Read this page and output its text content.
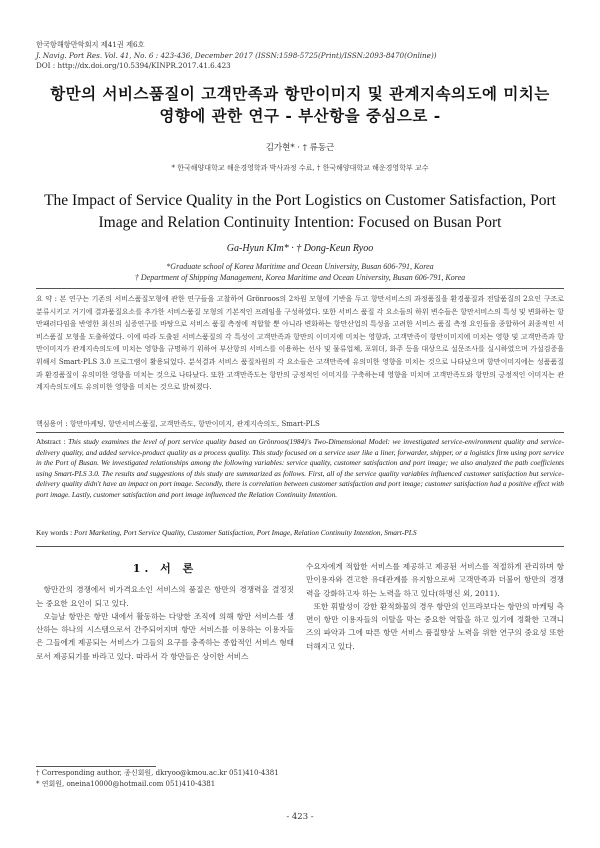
한국항해항만학회지 제41권 제6호
J. Navig. Port Res. Vol. 41, No. 6 : 423-436, December 2017 (ISSN:1598-5725(Print)/ISSN:2093-8470(Online))
DOI : http://dx.doi.org/10.5394/KINPR.2017.41.6.423
항만의 서비스품질이 고객만족과 항만이미지 및 관계지속의도에 미치는
영향에 관한 연구 - 부산항을 중심으로 -
김가현* · † 류동근
* 한국해양대학교 해운경영학과 박사과정 수료, † 한국해양대학교 해운경영학부 교수
The Impact of Service Quality in the Port Logistics on Customer Satisfaction, Port
Image and Relation Continuity Intention: Focused on Busan Port
Ga-Hyun KIm* · † Dong-Keun Ryoo
*Graduate school of Korea Maritime and Ocean University, Busan 606-791, Korea
† Department of Shipping Management, Korea Maritime and Ocean University, Busan 606-791, Korea
요 약 : 본 연구는 기존의 서비스품질모형에 관한 연구들을 고찰하여 Grönroos의 2차원 모형에 기반을 두고 항만서비스의 과정품질을 환경품질과 전달품질의 2요인 구조로 분류시키고 거기에 결과품질요소를 추가한 서비스품질 모형의 기본적인 프레임을 구성하였다. 또한 서비스 품질 각 요소들의 하위 변수들은 항만서비스의 특성 및 변화하는 항만패러다임을 반영한 최신의 실증연구를 바탕으로 서비스 품질 측정에 적합할 뿐 아니라 변화하는 항만산업의 특성을 고려한 서비스 품질 측정 요인들을 종합하여 최종적인 서비스품질 모형을 도출하였다. 이에 따라 도출된 서비스품질의 각 특성이 고객만족과 항만의 이미지에 미치는 영향과, 고객만족이 항만이미지에 미치는 영향 및 고객만족과 항만이미지가 관계지속의도에 미치는 영향을 규명하기 위하여 부산항의 서비스를 이용하는 선사 및 물류업체, 포워더, 화주 등을 대상으로 설문조사를 실시하였으며 가설검증을 위해서 Smart-PLS 3.0 프로그램이 활용되었다. 분석결과 서비스 품질차원의 각 요소들은 고객만족에 유의미한 영향을 미치는 것으로 나타났으며 항만이미지에는 성품품질과 환경품질이 유의미한 영향을 미치는 것으로 나타났다. 또한 고객만족도는 항만의 긍정적인 이미지를 구축하는데 영향을 미치며 고객만족도와 항만의 긍정적인 이미지는 관계지속의도에도 유의미한 영향을 미치는 것으로 밝혀졌다.
핵심용어 : 항만마케팅, 항만서비스품질, 고객만족도, 항만이미지, 관계지속의도, Smart-PLS
Abstract : This study examines the level of port service quality based on Grönroos(1984)'s Two-Dimensional Model: we investigated service-environment quality and service-delivery quality, and added service-product quality as a process quality. This study focused on a service user like a liner, forwarder, shipper, or a logistics firm using port service in the Port of Busan. We investigated relationships among the following variables: service quality, customer satisfaction and port image; we also analyzed the path coefficients using Smart-PLS 3.0. The results and suggestions of this study are summarized as follows. First, all of the service quality variables influenced customer satisfaction but service-delivery quality didn't have an impact on port image. Secondly, there is correlation between customer satisfaction and port image; customer satisfaction had a positive effect with port image. Lastly, customer satisfaction and port image influenced the Relation Continuity Intention.
Key words : Port Marketing, Port Service Quality, Customer Satisfaction, Port Image, Relation Continuity Intention, Smart-PLS
1. 서 론

항만간의 경쟁에서 비가격요소인 서비스의 품질은 항만의 경쟁력을 결정짓는 중요한 요인이 되고 있다.

오늘날 항만은 항만 내에서 활동하는 다양한 조직에 의해 항만 서비스를 생산하는 하나의 시스템으로서 간주되어지며 항만 서비스를 이용하는 이용자들은 그들에게 제공되는 서비스가 그들의 요구를 충족하는 종합적인 서비스 형태로서 제공되기를 바라고 있다. 따라서 각 항만들은 상이한 서비스

수요자에게 적합한 서비스를 제공하고 제공된 서비스를 적절하게 관리하며 항만이용자와 견고한 유대관계를 유지함으로써 고객만족과 더불어 항만의 경쟁력을 강화하고자 하는 노력을 하고 있다(하명신 외, 2011).

또한 휘발성이 강한 환적화물의 경우 항만의 인프라보다는 항만의 마케팅 측면이 항만 이용자들의 이탈을 막는 중요한 역할을 하고 있기에 정확한 고객니즈의 파악과 그에 따른 항만 서비스 품질향상 노력을 위한 연구의 중요성 또한 더해지고 있다.

† Corresponding author, 종신회원, dkryoo@kmou.ac.kr 051)410-4381
* 연회원, oneina10000@hotmail.com 051)410-4381
- 423 -
